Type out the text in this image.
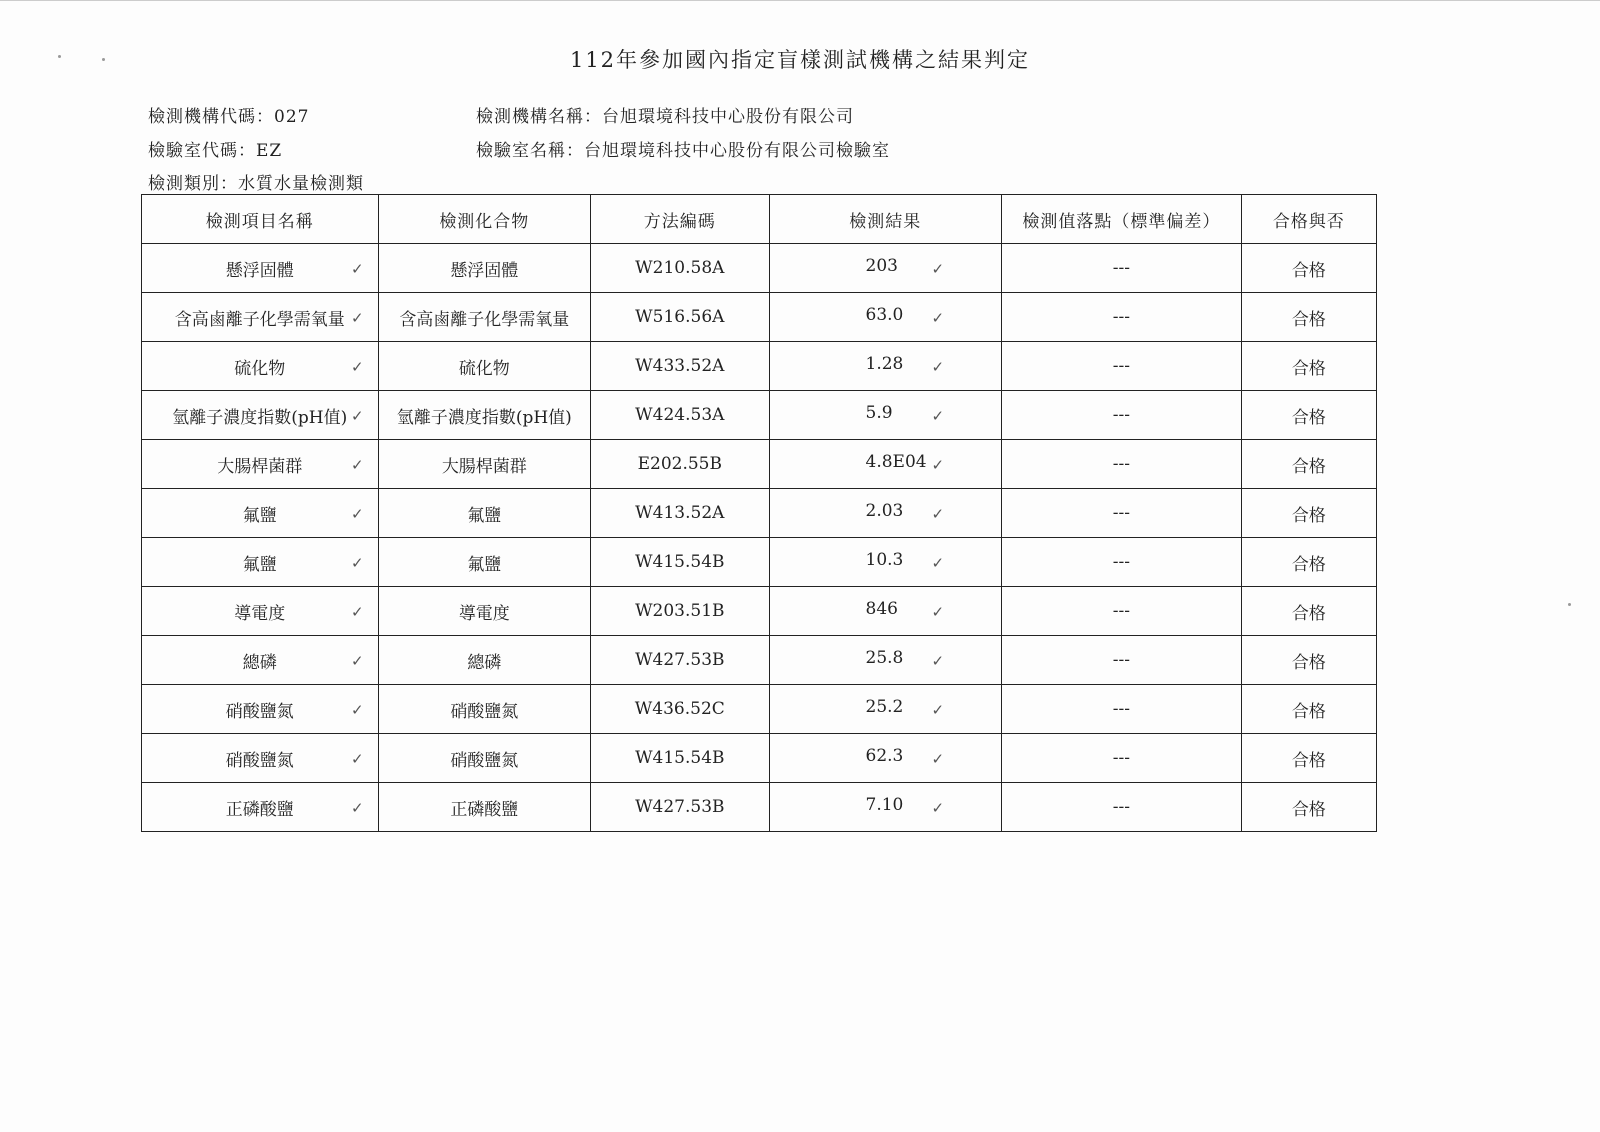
112年參加國內指定盲樣測試機構之結果判定
檢測機構代碼：027	檢測機構名稱：台旭環境科技中心股份有限公司
檢驗室代碼：EZ	檢驗室名稱：台旭環境科技中心股份有限公司檢驗室
檢測類別：水質水量檢測類
檢測項目名稱	檢測化合物	方法編碼	檢測結果	檢測值落點（標準偏差）	合格與否
懸浮固體 ✓	懸浮固體	W210.58A	203 ✓	---	合格
含高鹵離子化學需氧量 ✓	含高鹵離子化學需氧量	W516.56A	63.0 ✓	---	合格
硫化物 ✓	硫化物	W433.52A	1.28 ✓	---	合格
氫離子濃度指數(pH值) ✓	氫離子濃度指數(pH值)	W424.53A	5.9 ✓	---	合格
大腸桿菌群 ✓	大腸桿菌群	E202.55B	4.8E04 ✓	---	合格
氟鹽 ✓	氟鹽	W413.52A	2.03 ✓	---	合格
氟鹽 ✓	氟鹽	W415.54B	10.3 ✓	---	合格
導電度 ✓	導電度	W203.51B	846 ✓	---	合格
總磷 ✓	總磷	W427.53B	25.8 ✓	---	合格
硝酸鹽氮 ✓	硝酸鹽氮	W436.52C	25.2 ✓	---	合格
硝酸鹽氮 ✓	硝酸鹽氮	W415.54B	62.3 ✓	---	合格
正磷酸鹽 ✓	正磷酸鹽	W427.53B	7.10 ✓	---	合格
